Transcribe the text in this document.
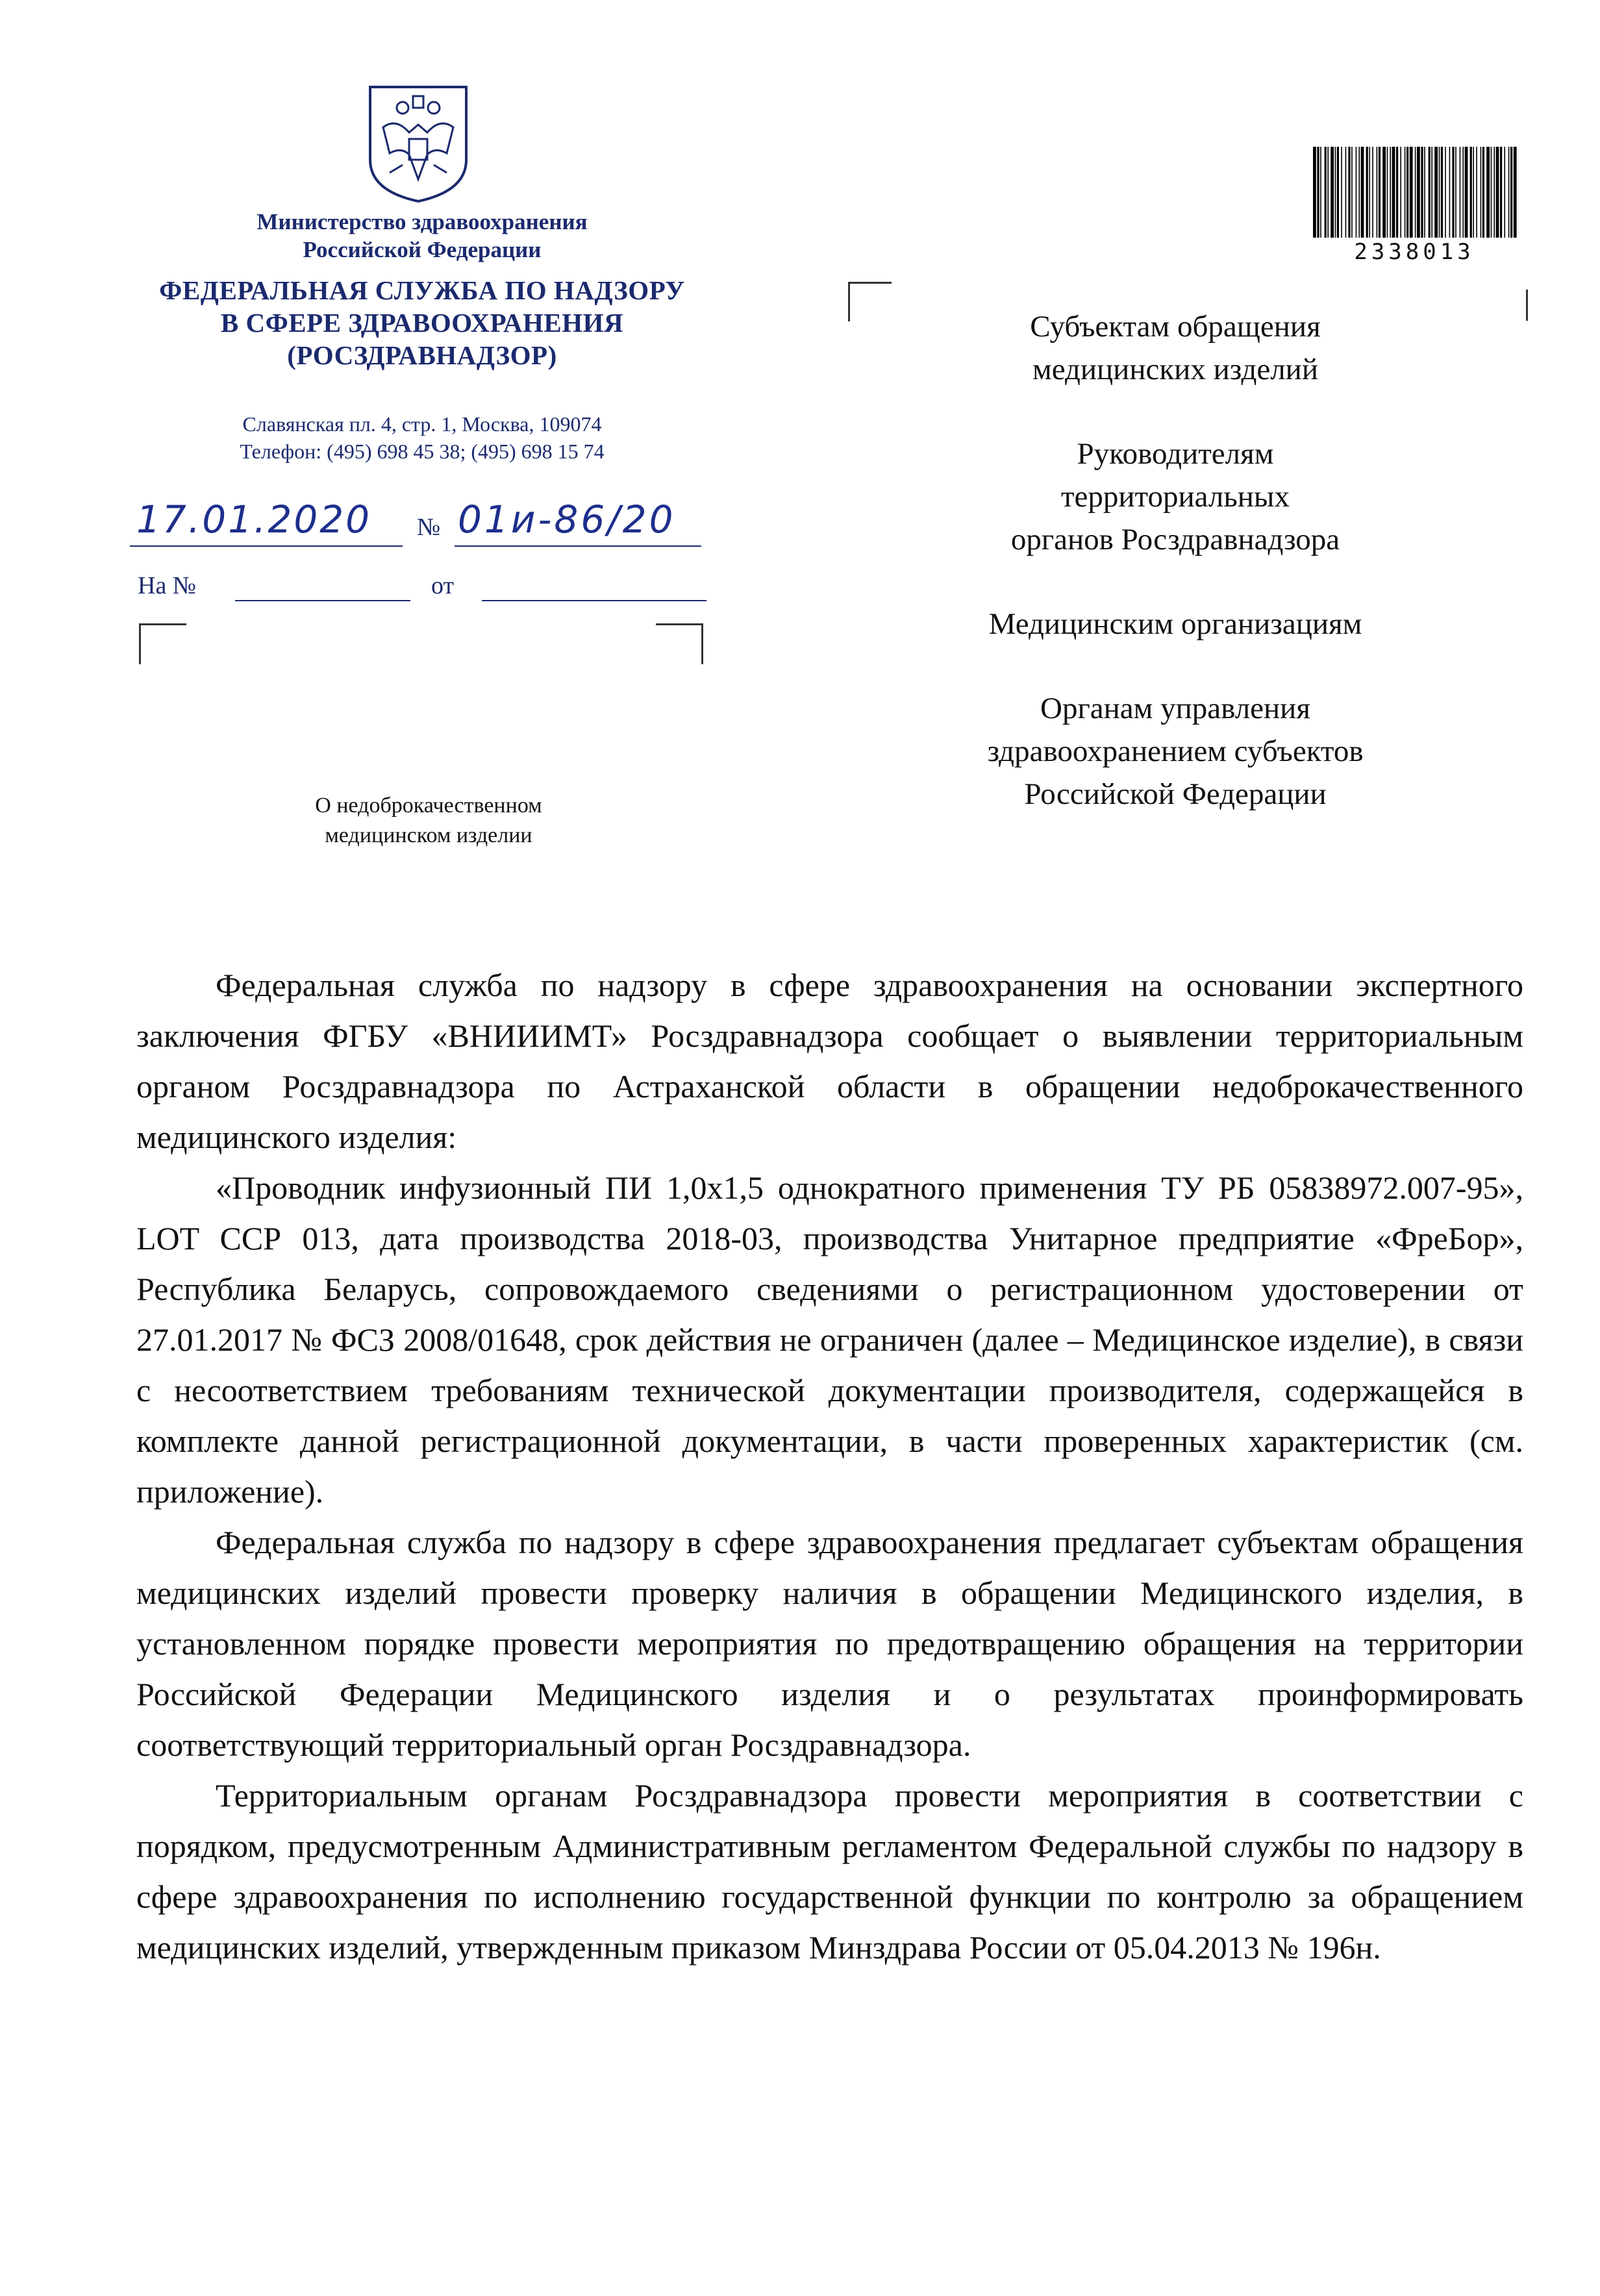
Министерство здравоохранения
Российской Федерации
ФЕДЕРАЛЬНАЯ СЛУЖБА ПО НАДЗОРУ
В СФЕРЕ ЗДРАВООХРАНЕНИЯ
(РОСЗДРАВНАДЗОР)
Славянская пл. 4, стр. 1, Москва, 109074
Телефон: (495) 698 45 38; (495) 698 15 74
17.01.2020	№ 01и-86/20
На №	от
О недоброкачественном
медицинском изделии
2338013

Субъектам обращения
медицинских изделий

Руководителям
территориальных
органов Росздравнадзора

Медицинским организациям

Органам управления
здравоохранением субъектов
Российской Федерации

Федеральная служба по надзору в сфере здравоохранения на основании экспертного заключения ФГБУ «ВНИИИМТ» Росздравнадзора сообщает о выявлении территориальным органом Росздравнадзора по Астраханской области в обращении недоброкачественного медицинского изделия:

«Проводник инфузионный ПИ 1,0х1,5 однократного применения ТУ РБ 05838972.007-95», LOT ССР 013, дата производства 2018-03, производства Унитарное предприятие «ФреБор», Республика Беларусь, сопровождаемого сведениями о регистрационном удостоверении от 27.01.2017 № ФСЗ 2008/01648, срок действия не ограничен (далее – Медицинское изделие), в связи с несоответствием требованиям технической документации производителя, содержащейся в комплекте данной регистрационной документации, в части проверенных характеристик (см. приложение).

Федеральная служба по надзору в сфере здравоохранения предлагает субъектам обращения медицинских изделий провести проверку наличия в обращении Медицинского изделия, в установленном порядке провести мероприятия по предотвращению обращения на территории Российской Федерации Медицинского изделия и о результатах проинформировать соответствующий территориальный орган Росздравнадзора.

Территориальным органам Росздравнадзора провести мероприятия в соответствии с порядком, предусмотренным Административным регламентом Федеральной службы по надзору в сфере здравоохранения по исполнению государственной функции по контролю за обращением медицинских изделий, утвержденным приказом Минздрава России от 05.04.2013 № 196н.
